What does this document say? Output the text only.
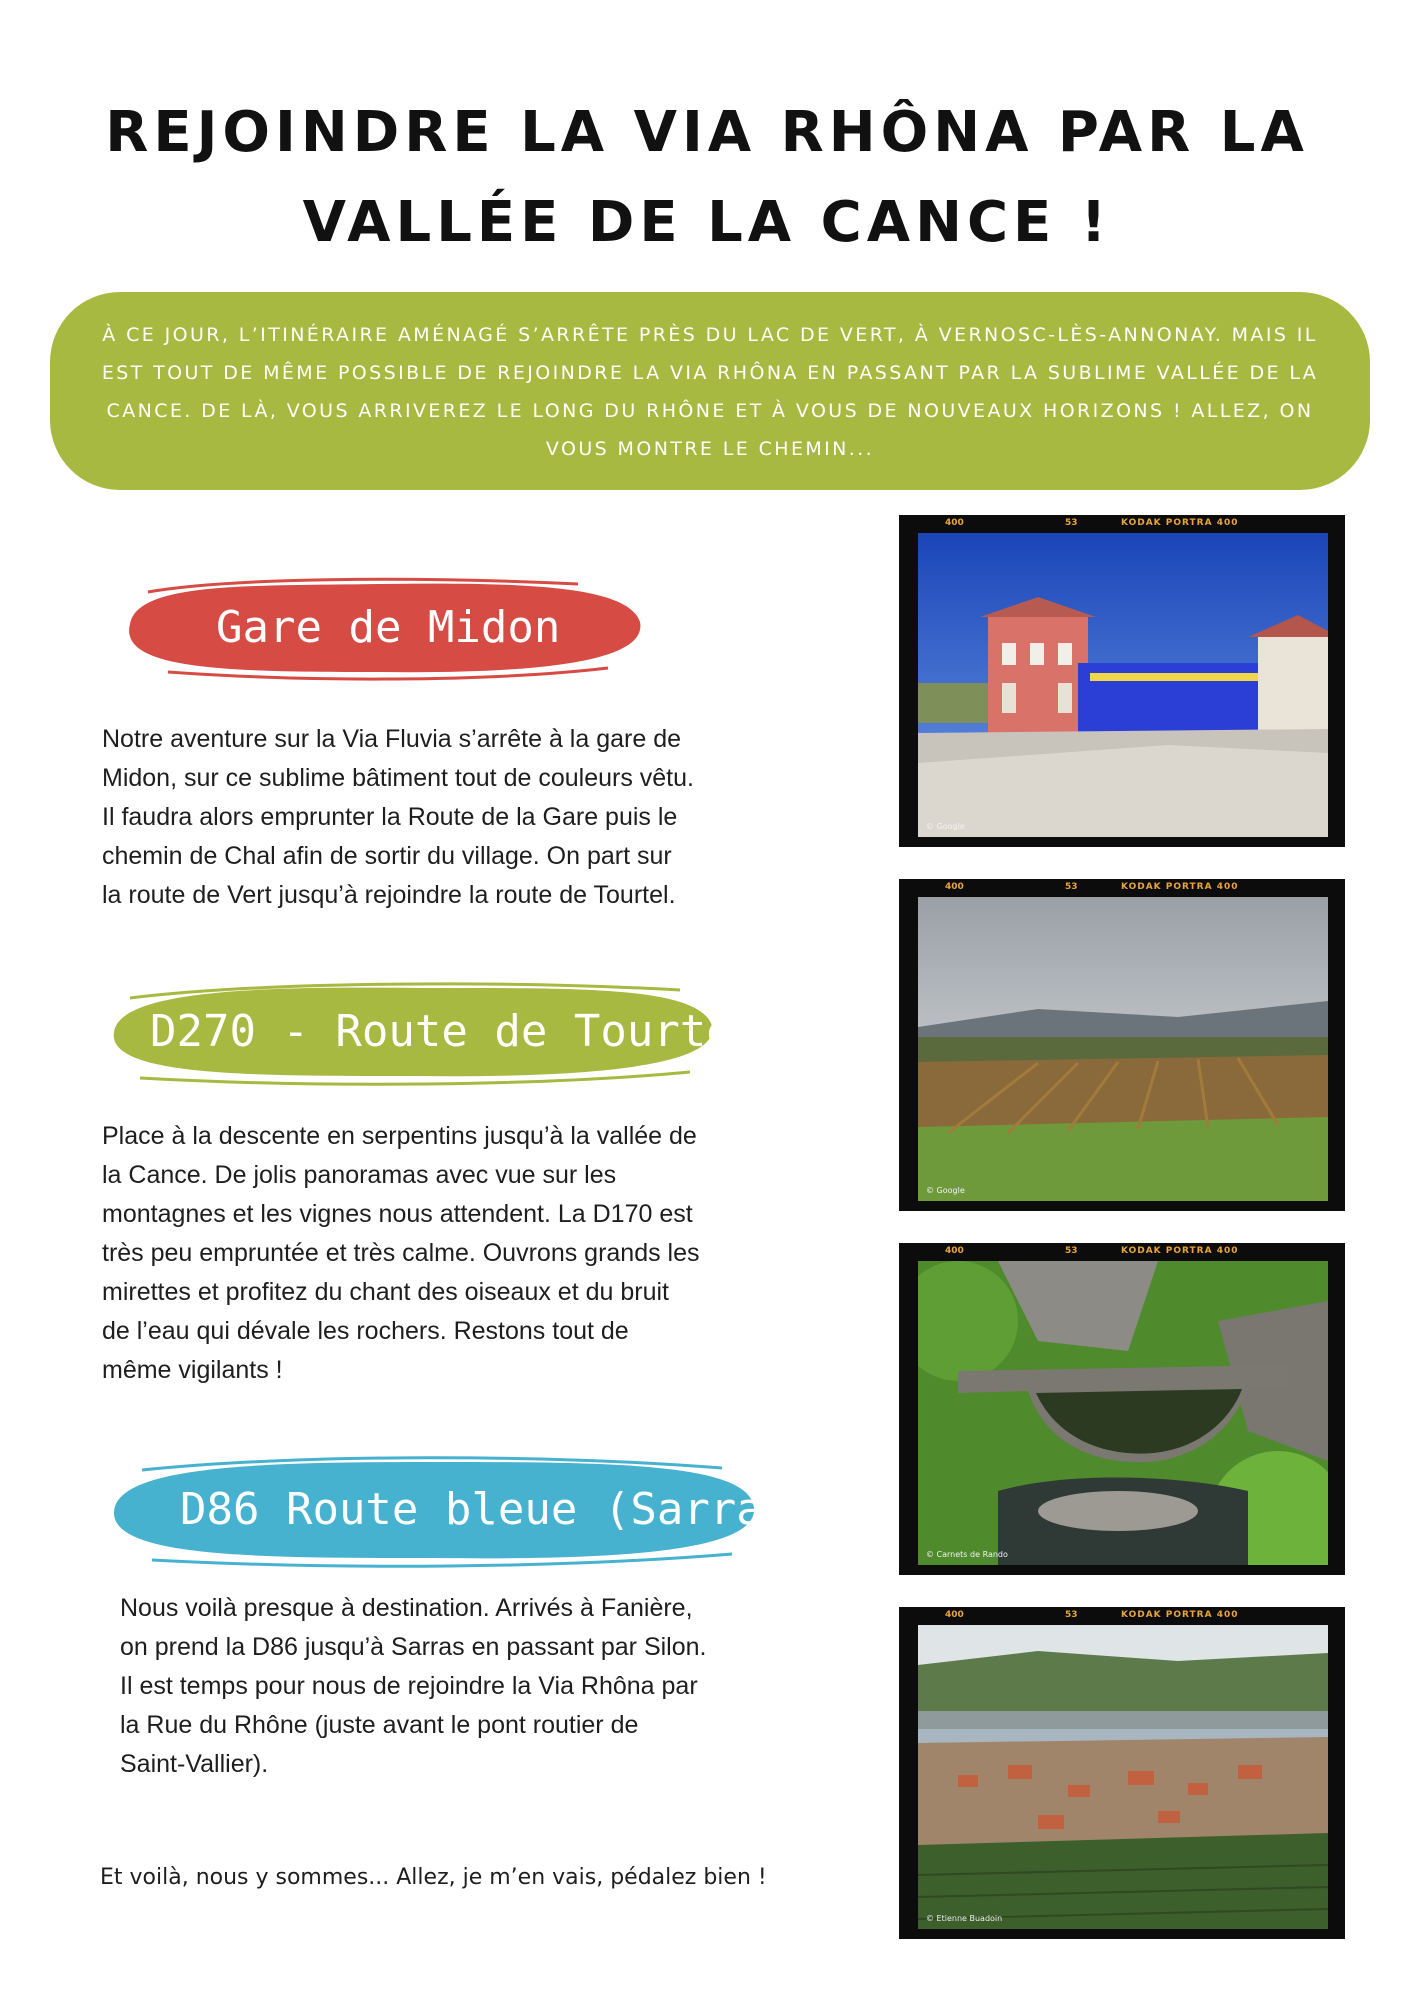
REJOINDRE LA VIA RHÔNA PAR LA VALLÉE DE LA CANCE !
À CE JOUR, L’ITINÉRAIRE AMÉNAGÉ S’ARRÊTE PRÈS DU LAC DE VERT, À VERNOSC-LÈS-ANNONAY. MAIS IL EST TOUT DE MÊME POSSIBLE DE REJOINDRE LA VIA RHÔNA EN PASSANT PAR LA SUBLIME VALLÉE DE LA CANCE. DE LÀ, VOUS ARRIVEREZ LE LONG DU RHÔNE ET À VOUS DE NOUVEAUX HORIZONS ! ALLEZ, ON VOUS MONTRE LE CHEMIN...
Gare de Midon
Notre aventure sur la Via Fluvia s’arrête à la gare de
Midon, sur ce sublime bâtiment tout de couleurs vêtu.
Il faudra alors emprunter la Route de la Gare puis le
chemin de Chal afin de sortir du village. On part sur
la route de Vert jusqu’à rejoindre la route de Tourtel.
D270 - Route de Tourtel
Place à la descente en serpentins jusqu’à la vallée de
la Cance. De jolis panoramas avec vue sur les
montagnes et les vignes nous attendent. La D170 est
très peu empruntée et très calme. Ouvrons grands les
mirettes et profitez du chant des oiseaux et du bruit
de l’eau qui dévale les rochers. Restons tout de
même vigilants !
D86 Route bleue (Sarras)
Nous voilà presque à destination. Arrivés à Fanière,
on prend la D86 jusqu’à Sarras en passant par Silon.
Il est temps pour nous de rejoindre la Via Rhôna par
la Rue du Rhône (juste avant le pont routier de
Saint-Vallier).
Et voilà, nous y sommes... Allez, je m’en vais, pédalez bien !
400	53	KODAK PORTRA 400
© Google
400	53	KODAK PORTRA 400
© Google
400	53	KODAK PORTRA 400
© Carnets de Rando
400	53	KODAK PORTRA 400
© Etienne Buadoin
